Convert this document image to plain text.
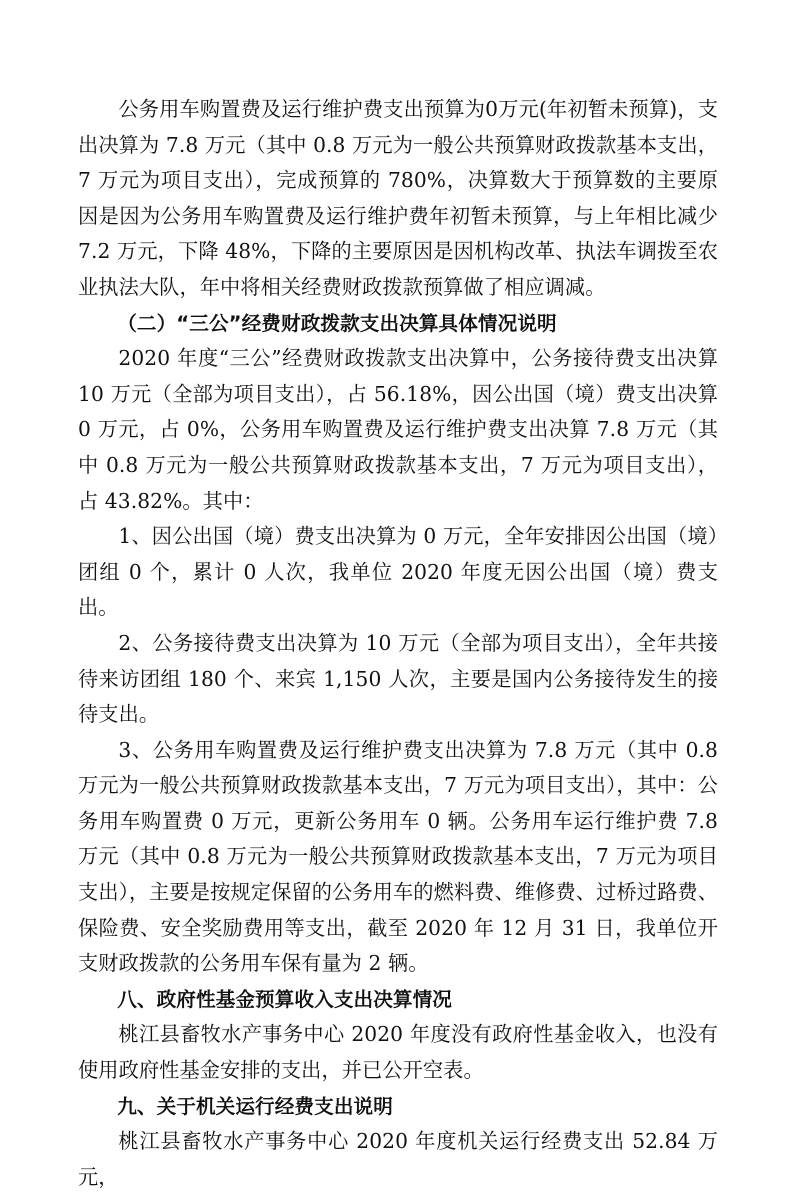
公务用车购置费及运行维护费支出预算为0万元(年初暂未预算)，支出决算为 7.8 万元（其中 0.8 万元为一般公共预算财政拨款基本支出，7 万元为项目支出），完成预算的 780%，决算数大于预算数的主要原因是因为公务用车购置费及运行维护费年初暂未预算，与上年相比减少 7.2 万元，下降 48%，下降的主要原因是因机构改革、执法车调拨至农业执法大队，年中将相关经费财政拨款预算做了相应调减。

（二）“三公”经费财政拨款支出决算具体情况说明

2020 年度“三公”经费财政拨款支出决算中，公务接待费支出决算 10 万元（全部为项目支出），占 56.18%，因公出国（境）费支出决算 0 万元，占 0%，公务用车购置费及运行维护费支出决算 7.8 万元（其中 0.8 万元为一般公共预算财政拨款基本支出，7 万元为项目支出），占 43.82%。其中：

1、因公出国（境）费支出决算为 0 万元，全年安排因公出国（境）团组 0 个，累计 0 人次，我单位 2020 年度无因公出国（境）费支出。

2、公务接待费支出决算为 10 万元（全部为项目支出），全年共接待来访团组 180 个、来宾 1,150 人次，主要是国内公务接待发生的接待支出。

3、公务用车购置费及运行维护费支出决算为 7.8 万元（其中 0.8 万元为一般公共预算财政拨款基本支出，7 万元为项目支出），其中：公务用车购置费 0 万元，更新公务用车 0 辆。公务用车运行维护费 7.8 万元（其中 0.8 万元为一般公共预算财政拨款基本支出，7 万元为项目支出），主要是按规定保留的公务用车的燃料费、维修费、过桥过路费、保险费、安全奖励费用等支出，截至 2020 年 12 月 31 日，我单位开支财政拨款的公务用车保有量为 2 辆。

八、政府性基金预算收入支出决算情况

桃江县畜牧水产事务中心 2020 年度没有政府性基金收入，也没有使用政府性基金安排的支出，并已公开空表。

九、关于机关运行经费支出说明

桃江县畜牧水产事务中心 2020 年度机关运行经费支出 52.84 万元，
